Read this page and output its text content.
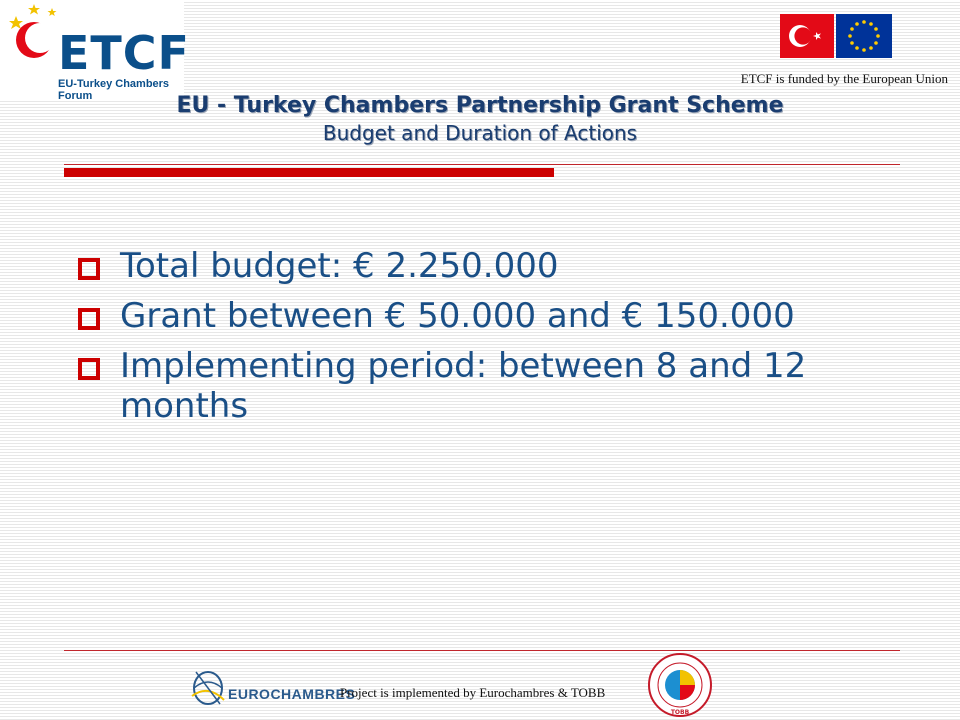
ETCF
EU-Turkey Chambers Forum
ETCF is funded by the European Union
EU - Turkey Chambers Partnership Grant Scheme
Budget and Duration of Actions
Total budget: € 2.250.000
Grant between € 50.000 and € 150.000
Implementing period: between 8 and 12 months
EUROCHAMBRES
Project is implemented by Eurochambres & TOBB
TOBB
